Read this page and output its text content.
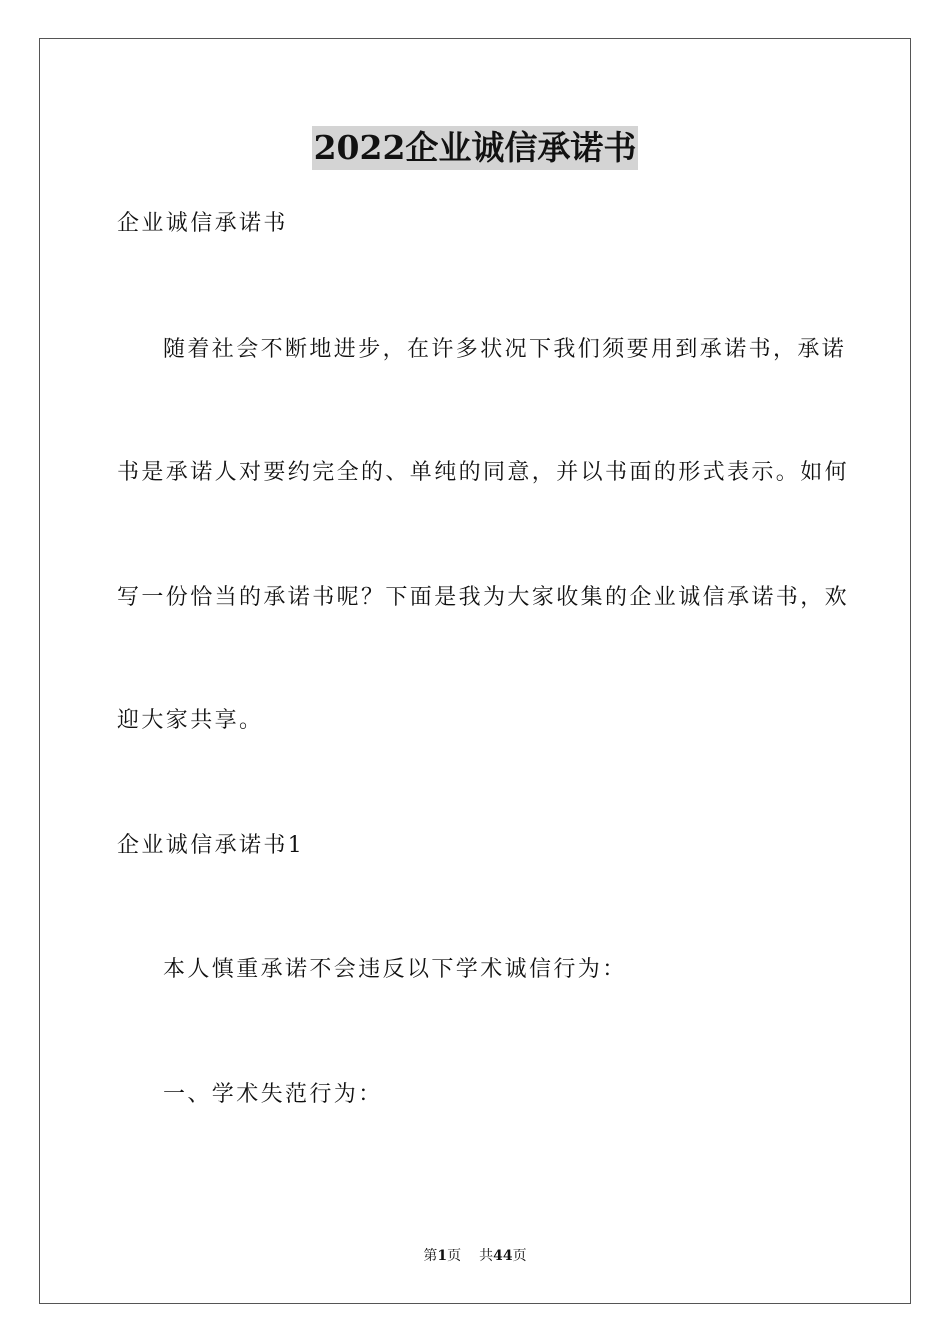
2022企业诚信承诺书
企业诚信承诺书
随着社会不断地进步，在许多状况下我们须要用到承诺书，承诺
书是承诺人对要约完全的、单纯的同意，并以书面的形式表示。如何
写一份恰当的承诺书呢？下面是我为大家收集的企业诚信承诺书，欢
迎大家共享。
企业诚信承诺书1
本人慎重承诺不会违反以下学术诚信行为：
一、学术失范行为：
第1页 共44页
